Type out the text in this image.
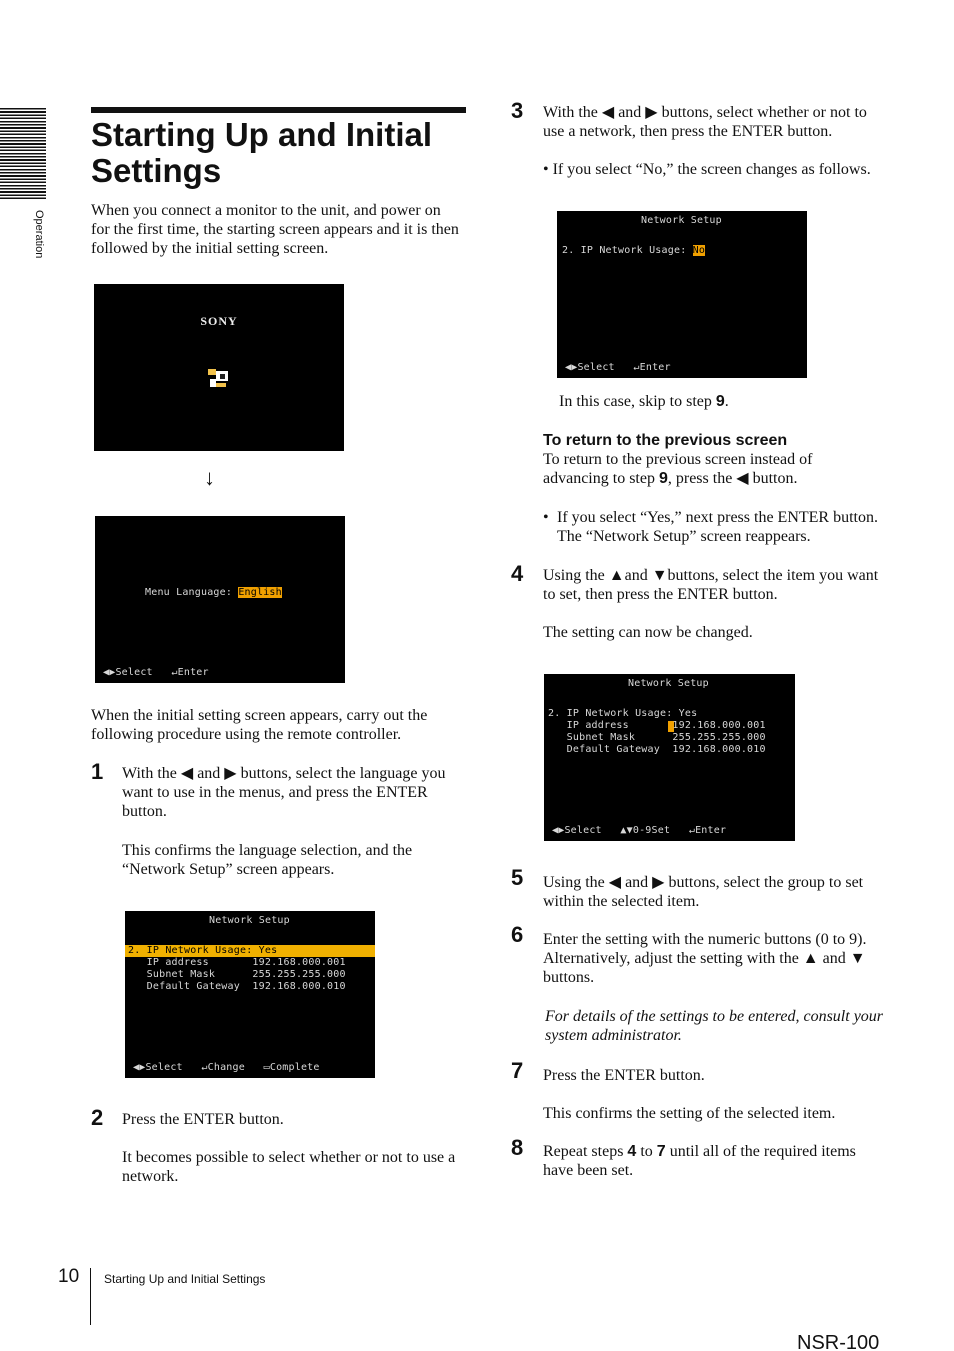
Operation
Starting Up and Initial Settings
When you connect a monitor to the unit, and power on for the first time, the starting screen appears and it is then followed by the initial setting screen.
SONY
↓
Menu Language: English
◀▶Select   ↵Enter
When the initial setting screen appears, carry out the following procedure using the remote controller.
1 With the ◀ and ▶ buttons, select the language you want to use in the menus, and press the ENTER button.
This confirms the language selection, and the “Network Setup” screen appears.
Network Setup
2. IP Network Usage: Yes
IP address       192.168.000.001
Subnet Mask      255.255.255.000
Default Gateway  192.168.000.010
◀▶Select   ↵Change   ▭Complete
2 Press the ENTER button.
It becomes possible to select whether or not to use a network.
3 With the ◀ and ▶ buttons, select whether or not to use a network, then press the ENTER button.
• If you select “No,” the screen changes as follows.
Network Setup
2. IP Network Usage: No
◀▶Select   ↵Enter
In this case, skip to step 9.
To return to the previous screen
To return to the previous screen instead of advancing to step 9, press the ◀ button.
• If you select “Yes,” next press the ENTER button. The “Network Setup” screen reappears.
4 Using the ▲and ▼buttons, select the item you want to set, then press the ENTER button.
The setting can now be changed.
Network Setup
2. IP Network Usage: Yes
IP address       192.168.000.001
Subnet Mask      255.255.255.000
Default Gateway  192.168.000.010
◀▶Select   ▲▼0-9Set   ↵Enter
5 Using the ◀ and ▶ buttons, select the group to set within the selected item.
6 Enter the setting with the numeric buttons (0 to 9). Alternatively, adjust the setting with the ▲ and ▼ buttons.
For details of the settings to be entered, consult your system administrator.
7 Press the ENTER button.
This confirms the setting of the selected item.
8 Repeat steps 4 to 7 until all of the required items have been set.
10 Starting Up and Initial Settings
NSR-100
